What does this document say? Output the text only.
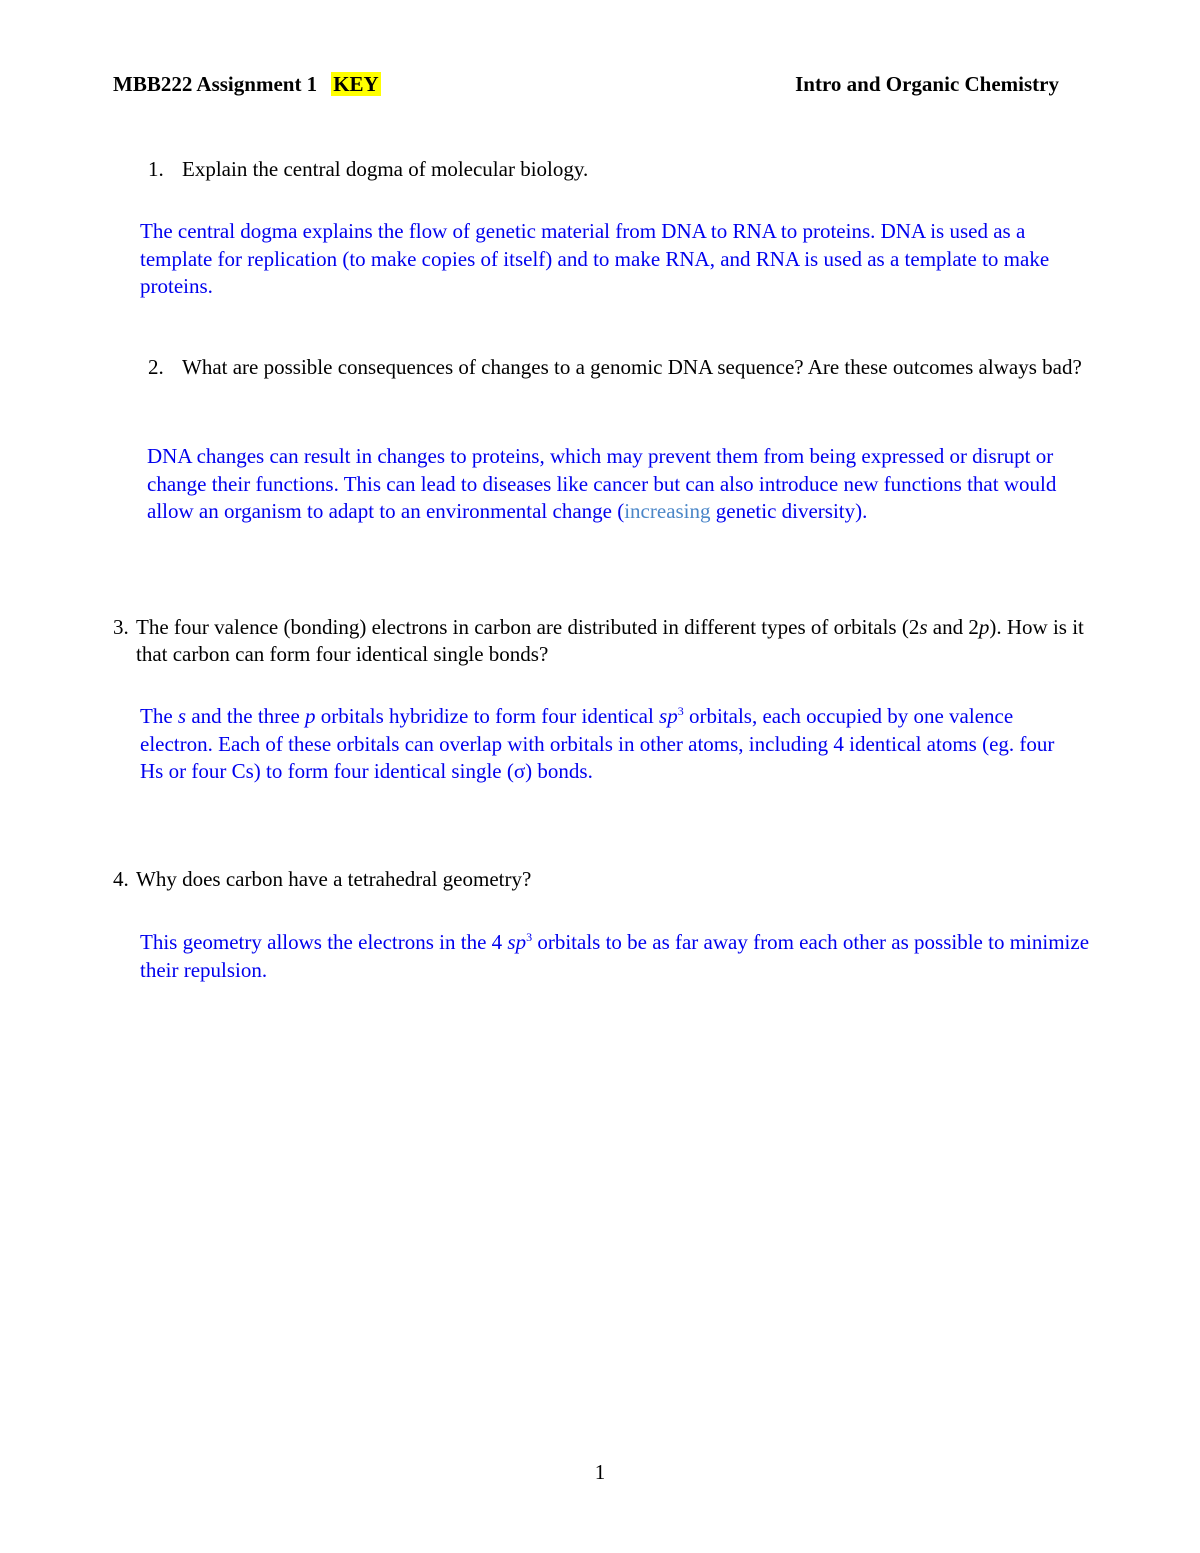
MBB222 Assignment 1 KEY	Intro and Organic Chemistry
1. Explain the central dogma of molecular biology.
The central dogma explains the flow of genetic material from DNA to RNA to proteins. DNA is used as a template for replication (to make copies of itself) and to make RNA, and RNA is used as a template to make proteins.
2. What are possible consequences of changes to a genomic DNA sequence? Are these outcomes always bad?
DNA changes can result in changes to proteins, which may prevent them from being expressed or disrupt or change their functions. This can lead to diseases like cancer but can also introduce new functions that would allow an organism to adapt to an environmental change (increasing genetic diversity).
3. The four valence (bonding) electrons in carbon are distributed in different types of orbitals (2s and 2p). How is it that carbon can form four identical single bonds?
The s and the three p orbitals hybridize to form four identical $sp^3$ orbitals, each occupied by one valence electron. Each of these orbitals can overlap with orbitals in other atoms, including 4 identical atoms (eg. four Hs or four Cs) to form four identical single (σ) bonds.
4. Why does carbon have a tetrahedral geometry?
This geometry allows the electrons in the 4 $sp^3$ orbitals to be as far away from each other as possible to minimize their repulsion.
1
